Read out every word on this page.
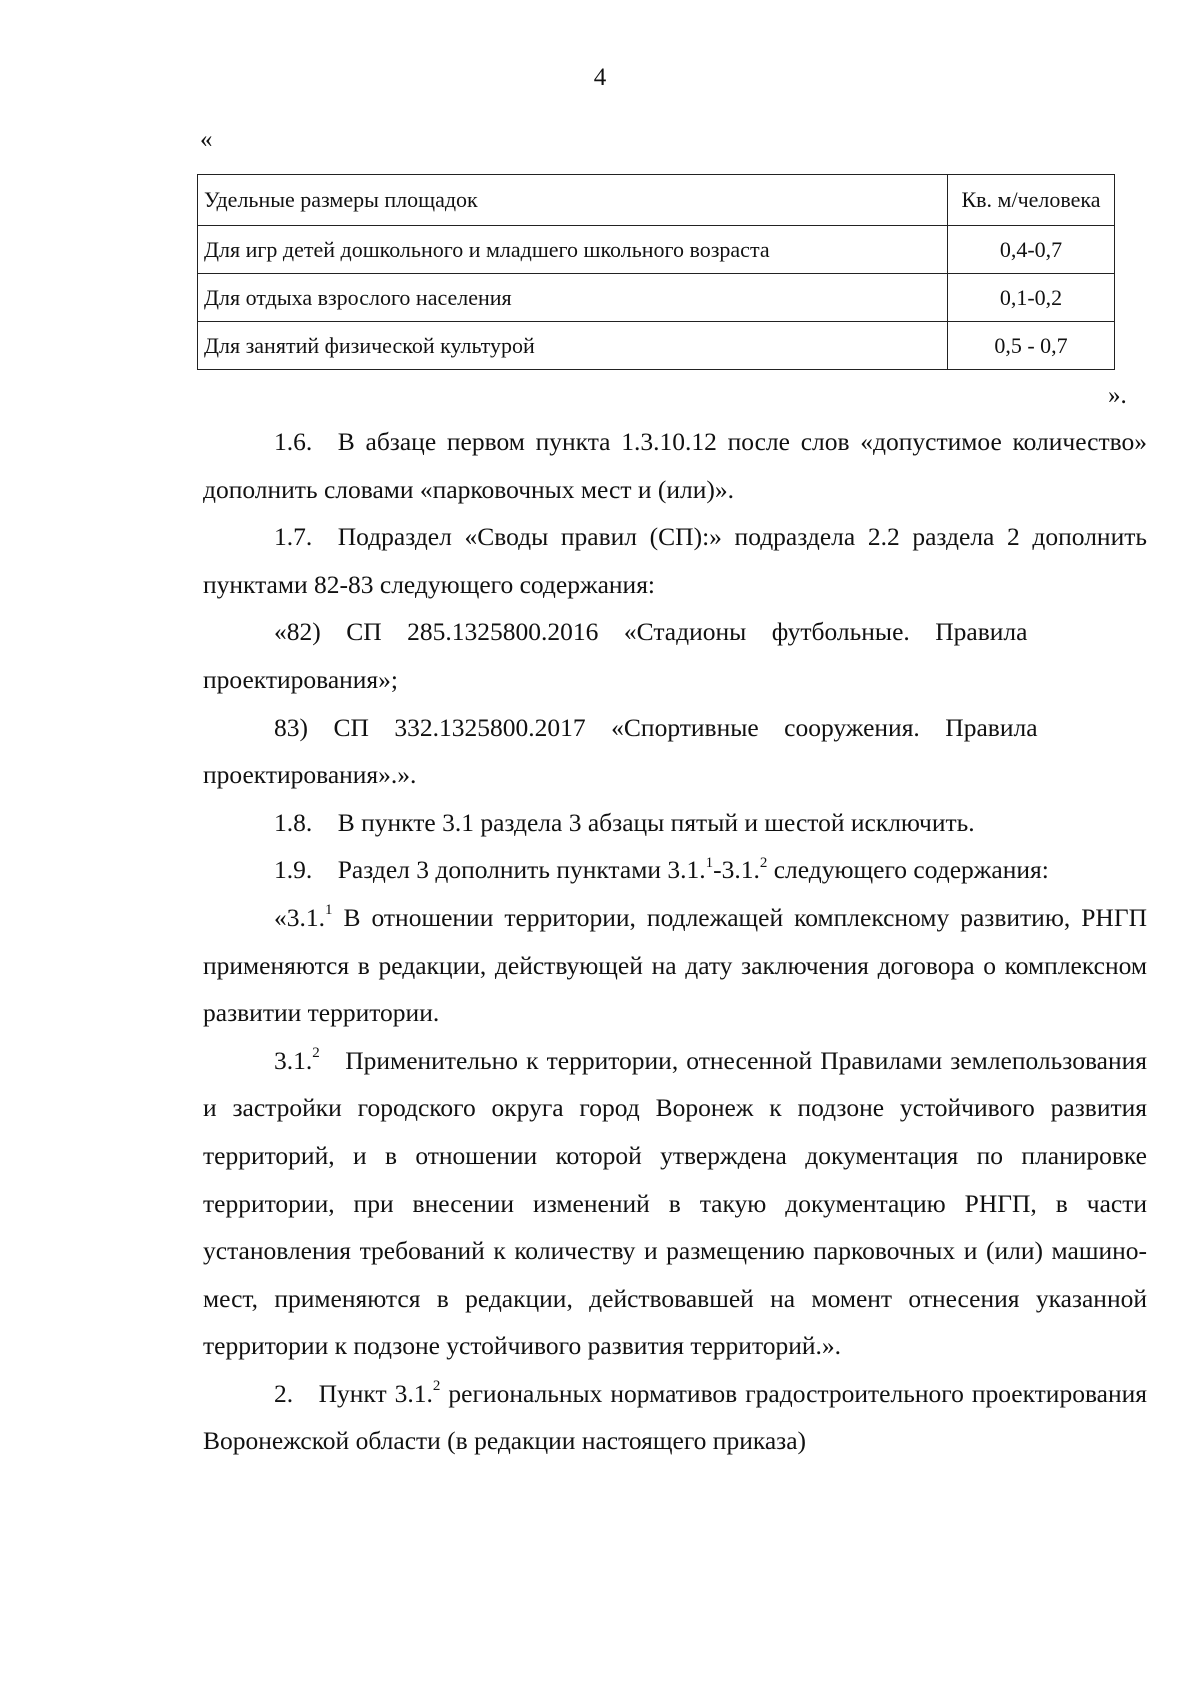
4
«
Удельные размеры площадок	Кв. м/человека
Для игр детей дошкольного и младшего школьного возраста	0,4-0,7
Для отдыха взрослого населения	0,1-0,2
Для занятий физической культурой	0,5 - 0,7
».

1.6. В абзаце первом пункта 1.3.10.12 после слов «допустимое количество» дополнить словами «парковочных мест и (или)».

1.7. Подраздел «Своды правил (СП):» подраздела 2.2 раздела 2 дополнить пунктами 82-83 следующего содержания:

«82) СП 285.1325800.2016 «Стадионы футбольные. Правила проектирования»;

83) СП 332.1325800.2017 «Спортивные сооружения. Правила проектирования».».

1.8. В пункте 3.1 раздела 3 абзацы пятый и шестой исключить.

1.9. Раздел 3 дополнить пунктами 3.1.$^1$-3.1.$^2$ следующего содержания:

«3.1.$^1$ В отношении территории, подлежащей комплексному развитию, РНГП применяются в редакции, действующей на дату заключения договора о комплексном развитии территории.

3.1.$^2$ Применительно к территории, отнесенной Правилами землепользования и застройки городского округа город Воронеж к подзоне устойчивого развития территорий, и в отношении которой утверждена документация по планировке территории, при внесении изменений в такую документацию РНГП, в части установления требований к количеству и размещению парковочных и (или) машино-мест, применяются в редакции, действовавшей на момент отнесения указанной территории к подзоне устойчивого развития территорий.».

2. Пункт 3.1.$^2$ региональных нормативов градостроительного проектирования Воронежской области (в редакции настоящего приказа)
